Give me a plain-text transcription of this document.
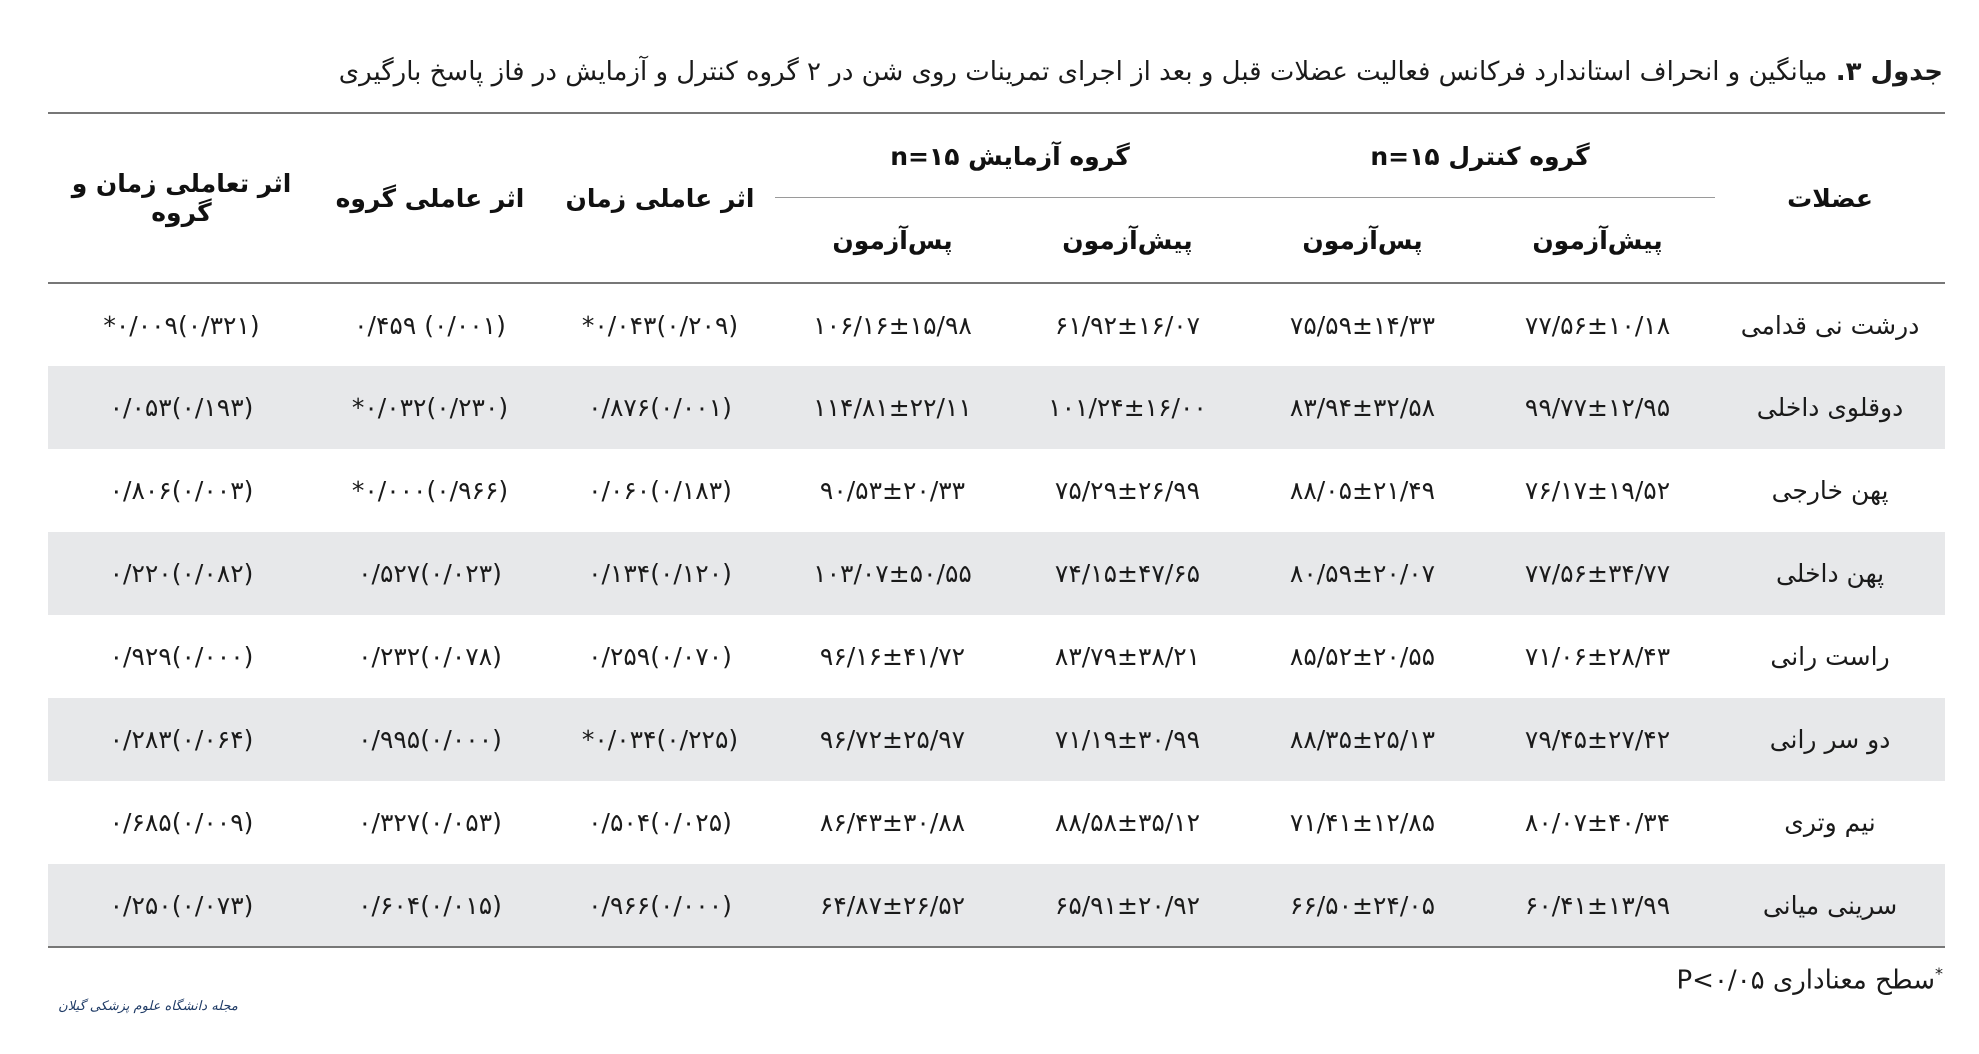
جدول ۳. میانگین و انحراف استاندارد فرکانس فعالیت عضلات قبل و بعد از اجرای تمرینات روی شن در ۲ گروه کنترل و آزمایش در فاز پاسخ بارگیری
عضلات	گروه کنترل n=۱۵		گروه آزمایش n=۱۵		اثر عاملی زمان	اثر عاملی گروه	اثر تعاملی زمان و گروه
	پیش‌آزمون	پس‌آزمون	پیش‌آزمون	پس‌آزمون			
درشت نی قدامی	۷۷/۵۶±۱۰/۱۸	۷۵/۵۹±۱۴/۳۳	۶۱/۹۲±۱۶/۰۷	۱۰۶/۱۶±۱۵/۹۸	(۰/۲۰۹)۰/۰۴۳*	(۰/۰۰۱) ۰/۴۵۹	(۰/۳۲۱)۰/۰۰۹*
دوقلوی داخلی	۹۹/۷۷±۱۲/۹۵	۸۳/۹۴±۳۲/۵۸	۱۰۱/۲۴±۱۶/۰۰	۱۱۴/۸۱±۲۲/۱۱	(۰/۰۰۱)۰/۸۷۶	(۰/۲۳۰)۰/۰۳۲*	(۰/۱۹۳)۰/۰۵۳
پهن خارجی	۷۶/۱۷±۱۹/۵۲	۸۸/۰۵±۲۱/۴۹	۷۵/۲۹±۲۶/۹۹	۹۰/۵۳±۲۰/۳۳	(۰/۱۸۳)۰/۰۶۰	(۰/۹۶۶)۰/۰۰۰*	(۰/۰۰۳)۰/۸۰۶
پهن داخلی	۷۷/۵۶±۳۴/۷۷	۸۰/۵۹±۲۰/۰۷	۷۴/۱۵±۴۷/۶۵	۱۰۳/۰۷±۵۰/۵۵	(۰/۱۲۰)۰/۱۳۴	(۰/۰۲۳)۰/۵۲۷	(۰/۰۸۲)۰/۲۲۰
راست رانی	۷۱/۰۶±۲۸/۴۳	۸۵/۵۲±۲۰/۵۵	۸۳/۷۹±۳۸/۲۱	۹۶/۱۶±۴۱/۷۲	(۰/۰۷۰)۰/۲۵۹	(۰/۰۷۸)۰/۲۳۲	(۰/۰۰۰)۰/۹۲۹
دو سر رانی	۷۹/۴۵±۲۷/۴۲	۸۸/۳۵±۲۵/۱۳	۷۱/۱۹±۳۰/۹۹	۹۶/۷۲±۲۵/۹۷	(۰/۲۲۵)۰/۰۳۴*	(۰/۰۰۰)۰/۹۹۵	(۰/۰۶۴)۰/۲۸۳
نیم وتری	۸۰/۰۷±۴۰/۳۴	۷۱/۴۱±۱۲/۸۵	۸۸/۵۸±۳۵/۱۲	۸۶/۴۳±۳۰/۸۸	(۰/۰۲۵)۰/۵۰۴	(۰/۰۵۳)۰/۳۲۷	(۰/۰۰۹)۰/۶۸۵
سرینی میانی	۶۰/۴۱±۱۳/۹۹	۶۶/۵۰±۲۴/۰۵	۶۵/۹۱±۲۰/۹۲	۶۴/۸۷±۲۶/۵۲	(۰/۰۰۰)۰/۹۶۶	(۰/۰۱۵)۰/۶۰۴	(۰/۰۷۳)۰/۲۵۰
*سطح معناداری P<۰/۰۵
مجله دانشگاه علوم پزشکی گیلان
